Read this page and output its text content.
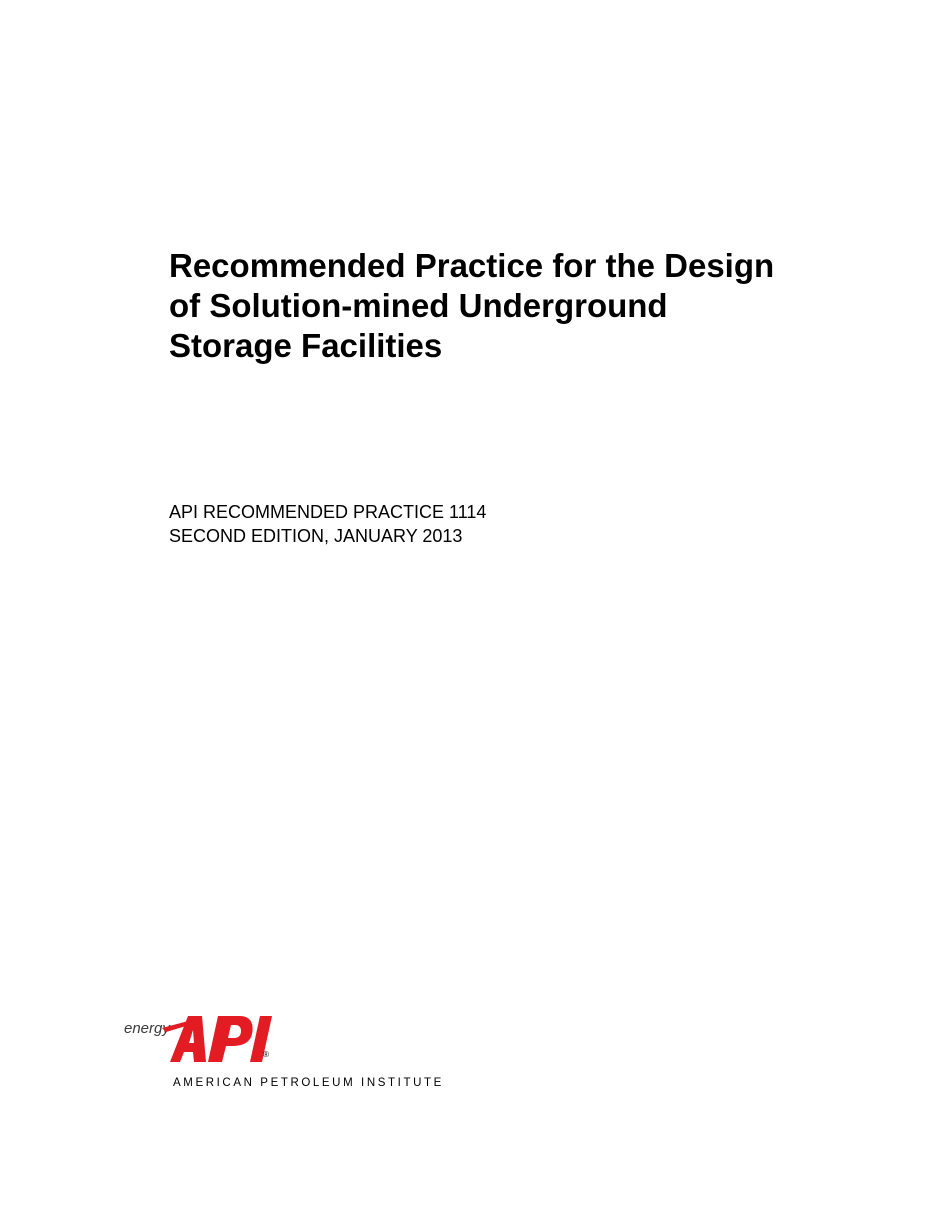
Recommended Practice for the Design
of Solution-mined Underground
Storage Facilities
API RECOMMENDED PRACTICE 1114
SECOND EDITION, JANUARY 2013
energy
®
AMERICAN PETROLEUM INSTITUTE
